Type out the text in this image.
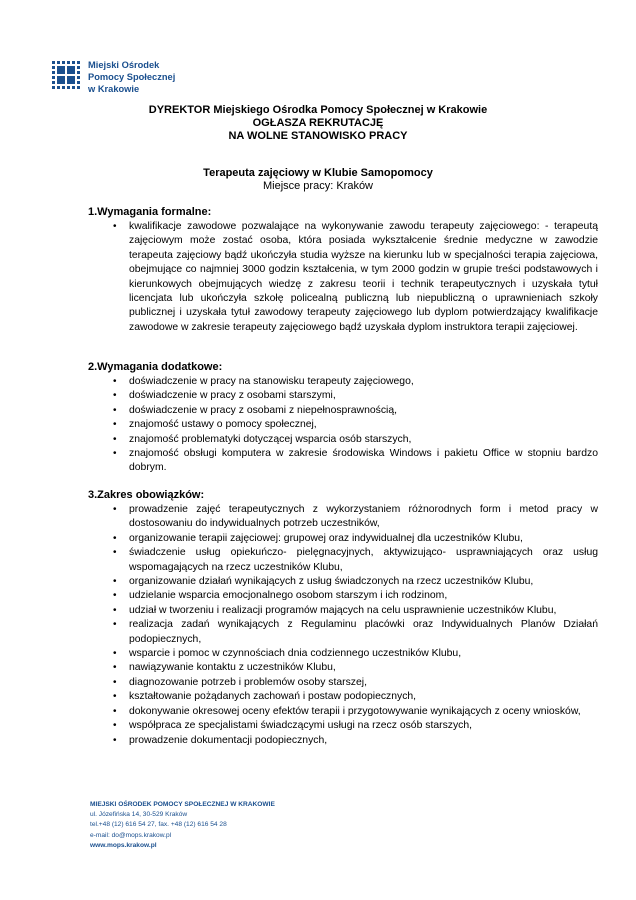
Miejski Ośrodek
Pomocy Społecznej
w Krakowie
DYREKTOR Miejskiego Ośrodka Pomocy Społecznej w Krakowie
OGŁASZA REKRUTACJĘ
NA WOLNE STANOWISKO PRACY
Terapeuta zajęciowy w Klubie Samopomocy
Miejsce pracy: Kraków
1.Wymagania formalne:
• kwalifikacje zawodowe pozwalające na wykonywanie zawodu terapeuty zajęciowego: - terapeutą zajęciowym może zostać osoba, która posiada wykształcenie średnie medyczne w zawodzie terapeuta zajęciowy bądź ukończyła studia wyższe na kierunku lub w specjalności terapia zajęciowa, obejmujące co najmniej 3000 godzin kształcenia, w tym 2000 godzin w grupie treści podstawowych i kierunkowych obejmujących wiedzę z zakresu teorii i technik terapeutycznych i uzyskała tytuł licencjata lub ukończyła szkołę policealną publiczną lub niepubliczną o uprawnieniach szkoły publicznej i uzyskała tytuł zawodowy terapeuty zajęciowego lub dyplom potwierdzający kwalifikacje zawodowe w zakresie terapeuty zajęciowego bądź uzyskała dyplom instruktora terapii zajęciowej.
2.Wymagania dodatkowe:
• doświadczenie w pracy na stanowisku terapeuty zajęciowego,
• doświadczenie w pracy z osobami starszymi,
• doświadczenie w pracy z osobami z niepełnosprawnością,
• znajomość ustawy o pomocy społecznej,
• znajomość problematyki dotyczącej wsparcia osób starszych,
• znajomość obsługi komputera w zakresie środowiska Windows i pakietu Office w stopniu bardzo dobrym.
3.Zakres obowiązków:
• prowadzenie zajęć terapeutycznych z wykorzystaniem różnorodnych form i metod pracy w dostosowaniu do indywidualnych potrzeb uczestników,
• organizowanie terapii zajęciowej: grupowej oraz indywidualnej dla uczestników Klubu,
• świadczenie usług opiekuńczo- pielęgnacyjnych, aktywizująco- usprawniających oraz usług wspomagających na rzecz uczestników Klubu,
• organizowanie działań wynikających z usług świadczonych na rzecz uczestników Klubu,
• udzielanie wsparcia emocjonalnego osobom starszym i ich rodzinom,
• udział w tworzeniu i realizacji programów mających na celu usprawnienie uczestników Klubu,
• realizacja zadań wynikających z Regulaminu placówki oraz Indywidualnych Planów Działań podopiecznych,
• wsparcie i pomoc w czynnościach dnia codziennego uczestników Klubu,
• nawiązywanie kontaktu z uczestników Klubu,
• diagnozowanie potrzeb i problemów osoby starszej,
• kształtowanie pożądanych zachowań i postaw podopiecznych,
• dokonywanie okresowej oceny efektów terapii i przygotowywanie wynikających z oceny wniosków,
• współpraca ze specjalistami świadczącymi usługi na rzecz osób starszych,
• prowadzenie dokumentacji podopiecznych,
MIEJSKI OŚRODEK POMOCY SPOŁECZNEJ W KRAKOWIE
ul. Józefińska 14, 30-529 Kraków
tel.+48 (12) 616 54 27, fax. +48 (12) 616 54 28
e-mail: do@mops.krakow.pl
www.mops.krakow.pl
